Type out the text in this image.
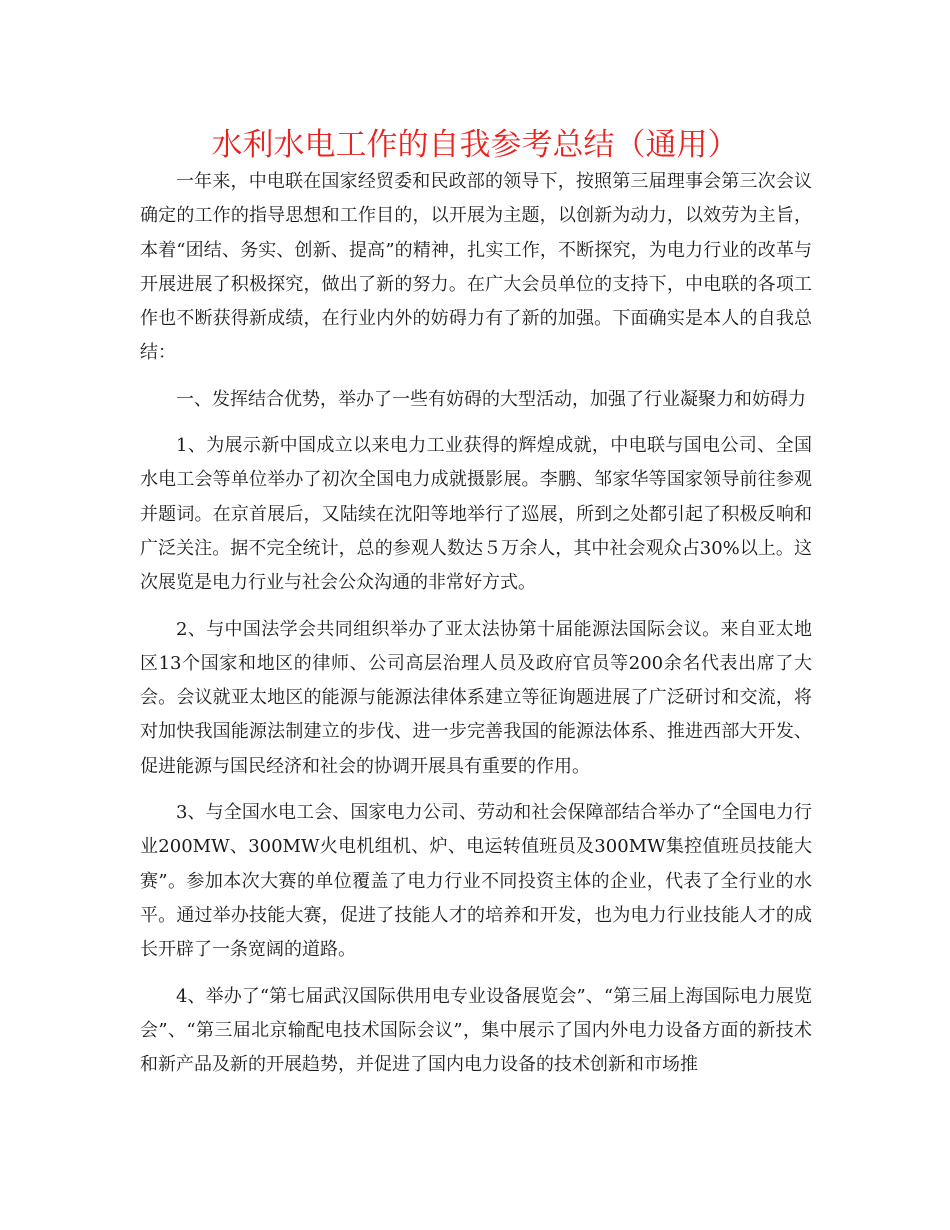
水利水电工作的自我参考总结（通用）

一年来，中电联在国家经贸委和民政部的领导下，按照第三届理事会第三次会议确定的工作的指导思想和工作目的，以开展为主题，以创新为动力，以效劳为主旨，本着“团结、务实、创新、提高”的精神，扎实工作，不断探究，为电力行业的改革与开展进展了积极探究，做出了新的努力。在广大会员单位的支持下，中电联的各项工作也不断获得新成绩，在行业内外的妨碍力有了新的加强。下面确实是本人的自我总结：

一、发挥结合优势，举办了一些有妨碍的大型活动，加强了行业凝聚力和妨碍力

1、为展示新中国成立以来电力工业获得的辉煌成就，中电联与国电公司、全国水电工会等单位举办了初次全国电力成就摄影展。李鹏、邹家华等国家领导前往参观并题词。在京首展后，又陆续在沈阳等地举行了巡展，所到之处都引起了积极反响和广泛关注。据不完全统计，总的参观人数达５万余人，其中社会观众占30%以上。这次展览是电力行业与社会公众沟通的非常好方式。

2、与中国法学会共同组织举办了亚太法协第十届能源法国际会议。来自亚太地区13个国家和地区的律师、公司高层治理人员及政府官员等200余名代表出席了大会。会议就亚太地区的能源与能源法律体系建立等征询题进展了广泛研讨和交流，将对加快我国能源法制建立的步伐、进一步完善我国的能源法体系、推进西部大开发、促进能源与国民经济和社会的协调开展具有重要的作用。

3、与全国水电工会、国家电力公司、劳动和社会保障部结合举办了“全国电力行业200MW、300MW火电机组机、炉、电运转值班员及300MW集控值班员技能大赛”。参加本次大赛的单位覆盖了电力行业不同投资主体的企业，代表了全行业的水平。通过举办技能大赛，促进了技能人才的培养和开发，也为电力行业技能人才的成长开辟了一条宽阔的道路。

4、举办了“第七届武汉国际供用电专业设备展览会”、“第三届上海国际电力展览会”、“第三届北京输配电技术国际会议”，集中展示了国内外电力设备方面的新技术和新产品及新的开展趋势，并促进了国内电力设备的技术创新和市场推
